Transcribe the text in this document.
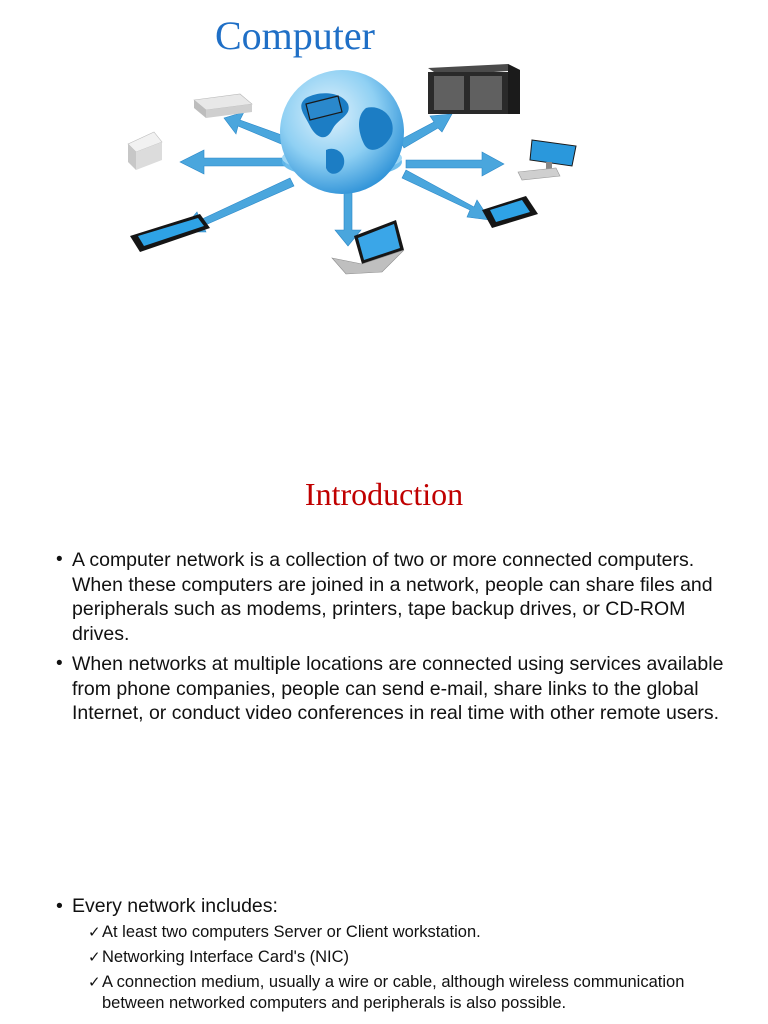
Computer
Introduction
• A computer network is a collection of two or more connected computers. When these computers are joined in a network, people can share files and peripherals such as modems, printers, tape backup drives, or CD-ROM drives.
• When networks at multiple locations are connected using services available from phone companies, people can send e-mail, share links to the global Internet, or conduct video conferences in real time with other remote users.
• Every network includes:
✓ At least two computers Server or Client workstation.
✓ Networking Interface Card's (NIC)
✓ A connection medium, usually a wire or cable, although wireless communication between networked computers and peripherals is also possible.
